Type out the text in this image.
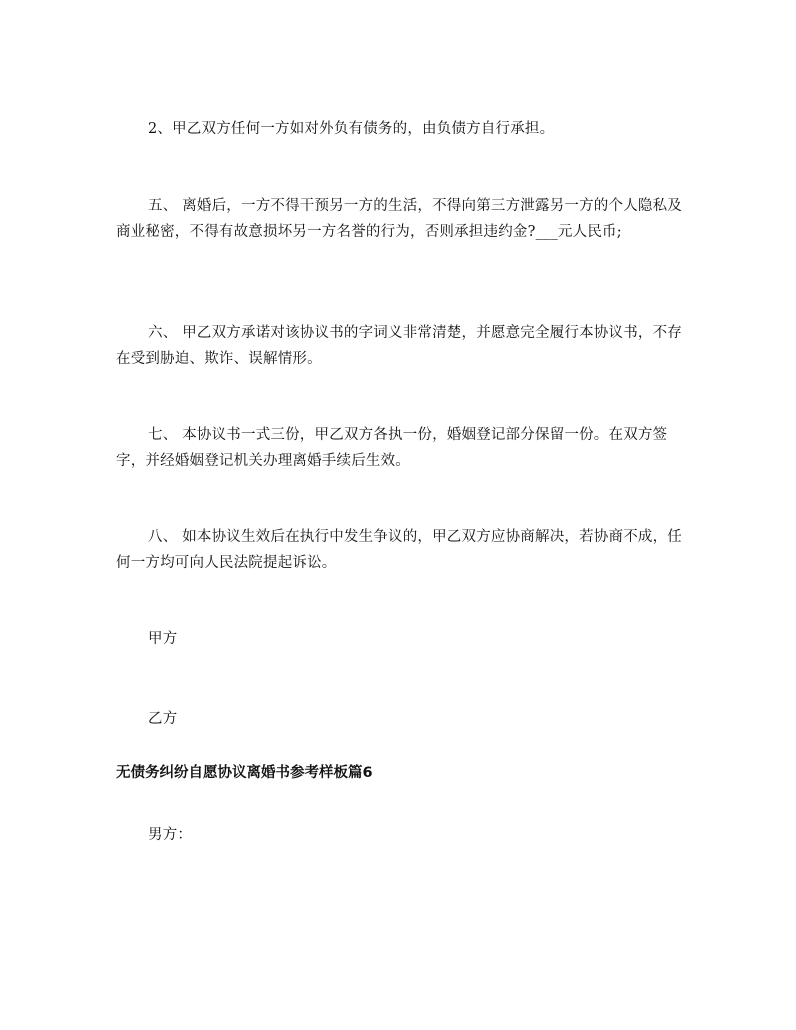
2、甲乙双方任何一方如对外负有债务的，由负债方自行承担。

五、 离婚后，一方不得干预另一方的生活，不得向第三方泄露另一方的个人隐私及商业秘密，不得有故意损坏另一方名誉的行为，否则承担违约金?___元人民币;

六、 甲乙双方承诺对该协议书的字词义非常清楚，并愿意完全履行本协议书，不存在受到胁迫、欺诈、误解情形。

七、 本协议书一式三份，甲乙双方各执一份，婚姻登记部分保留一份。在双方签字，并经婚姻登记机关办理离婚手续后生效。

八、 如本协议生效后在执行中发生争议的，甲乙双方应协商解决，若协商不成，任何一方均可向人民法院提起诉讼。

甲方

乙方

无债务纠纷自愿协议离婚书参考样板篇6

男方：
